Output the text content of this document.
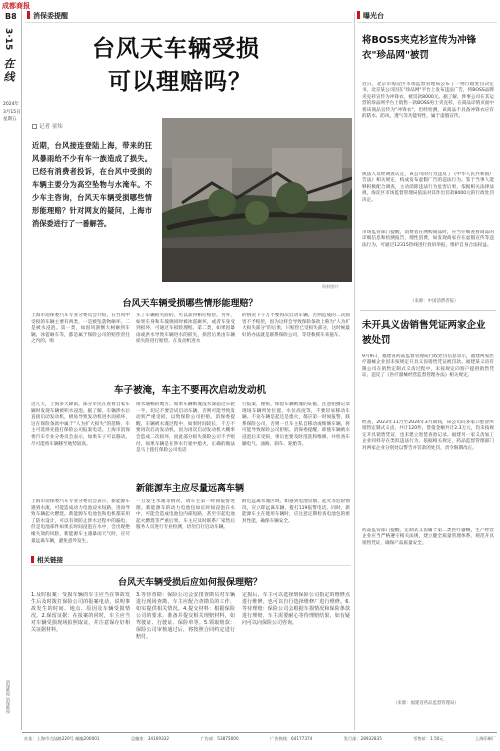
成都商报
B8
3·15
在线
2024年
3月15日
星期五
消保维权 消保维权
消保委提醒	曝光台
台风天车辆受损
可以理赔吗？
记者 童炜
近期，台风接连登陆上海，带来的狂风暴雨给不少有车一族造成了损失。已经有消费者投诉，在台风中受损的车辆主要分为高空坠物与水淹车。不少车主咨询，台风天车辆受损哪些情形能理赔？针对网友的疑问，上海市消保委进行了一番解答。
资料图片
台风天车辆受损哪些情形能理赔？
上海市消保委汽车专业分委员会介绍，在台风中受损的车辆主要有两类，一是被坠落物砸坏，二是被水浸泡。第一类，如因风刮倒大树砸到车辆、冰雹砸车等，都是属于保险公司的赔偿责任之内的。购
买了车辆损失险的，可以获得相应赔偿。另外，如果车身和车玻璃同时被冰雹砸坏，或者车身受到损坏，可通过车损险理赔。第二类，如果因暴雨或洪水导致车辆进水的损失，损害后果由车辆损失险进行赔偿。在发动机进水
的情况下千万不要再次启动车辆。否则造成的二次损害不予赔偿，因为这样会导致保险条款上称为"人为扩大损失部分"的后果，只赔偿已受损失部分，这时候最好的办法就是联系保险公司，等待救援车来拖车。
车子被淹，车主不要再次启动发动机
这几天，上海多天降雨，部分市民在查看自家车辆时发现车辆被积水浸泡。据了解，车辆涉水后直接启动发动机，极易导致发动机进水而损坏，这在保险条款中属于"人为扩大损失"的范畴，车主可选择先拨打保险公司报案电话。上海市消保委汽车专业分委员会表示，如果车子可以移动，尽可能将车辆移至地势较高、
排水通畅的地方。如果车辆被淹没水深超过车轮一半，切记不要尝试启动车辆，否则可能导致发动机严重受损，以致保险公司拒赔。消保委提醒，车辆被水淹过程中，如果时间较长，千万不要再次启动发动机，因为再次启动发动机大概率会造成二次损坏，而此部分损失保险公司不予赔付，如果车辆是在涉水行驶中熄火，正确的做法是马上拨打保险公司电话
行报案，理赔，保留车辆被淹的证据，注意拍摄记录现场车辆所处位置、水位高度等，不要轻易移动车辆。不论车辆是起还是熄火，都应第一时间报警、联系保险公司，否则一旦车主私自移动或维修车辆，将可能导致保险公司拒赔。消保委提醒，即使车辆被水浸泡后未受损，事后也要及时清洗和维修，并检查车辆电气、油路、刹车、轮胎等。
新能源车主应尽量远离车辆
上海市消保委汽车专业分委员会表示，新能源车遇到水淹，可能造成动力电池浸水短路，进而导致车辆起火燃烧。新能源车电池包和电机都采用了防水设计，可以有效防止涉水过程中的漏电，但是电池部件如果长时间浸泡在水中，会出现绝缘失效的风险，新能源车主遇暴雨天气时，应尽量远离车辆，避免意外发生。
一旦发生水淹等情况，请车主第一时间报警处理。新能源车的动力电池包如长时间浸泡在水中，可能会造成电池包内部短路，甚至引起电池起火燃烧等严重后果。车主应及时联系厂家售后服务人员进行专业检测，切勿自行启动车辆。
附近远离水淹区域，如遇到电池冒烟、起火等危险情况，应立即远离车辆，拨打119报警电话。同时，新能源车主在使用车辆时，应注意定期检查电池包的密封性能，确保车辆安全。
相关链接
台风天车辆受损后应如何报保理赔？
1.及时报案：受损车辆的车主应当在事故发生后及时拨打保险公司的报案电话，说明事故发生的时间、地点、原因及车辆受损情况。2.保留证据：在报案的同时，车主应当对车辆受损现场拍照取证，并注意保存好相关证据材料。
3.等待查勘：保险公司会安排查勘员对车辆进行现场查勘，车主应配合查勘员的工作，如实提供相关情况。4.提交材料：根据保险公司的要求，准备并提交相关理赔材料，如驾驶证、行驶证、保险单等。5.领取赔款：保险公司审核通过后，将按照合同约定进行赔付。
定损后，车主可以选择到保险公司指定的维修点进行维修，也可以自行选择维修厂进行维修。6.等待理赔：保险公司会根据车损情况和保险条款进行理赔，车主需要耐心等待理赔结果，如有疑问可以向保险公司咨询。
将BOSS夹克衫宣传为冲锋衣"珍品网"被罚
近日，北京市海淀区市场监督管理局公布了一则行政处罚决定书，北京某公司因在"珍品网"平台上发布违法广告，将BOSS品牌夹克衫宣传为冲锋衣，被罚款8000元。据了解，涉事公司在其运营的珍品网平台上销售一款BOSS男士夹克衫，在商品详情页面中将该商品宣传为"冲锋衣"，但经检测，该商品不具备冲锋衣应有的防水、防风、透气等功能特性，属于虚假宣传。
执法人员经调查认定，该公司的行为违反了《中华人民共和国广告法》相关规定，构成发布虚假广告的违法行为。鉴于当事人能够积极配合调查，主动消除违法行为危害后果，依据相关法律法规，海淀区市场监督管理局依法对其作出罚款8000元的行政处罚决定。
市场监管部门提醒，消费者在网购商品时，应当仔细查看商品的详细信息和检测报告，理性消费，如发现商家存在虚假宣传等违法行为，可通过12315热线进行投诉举报，维护自身合法权益。
（来源：中国消费者报）
未开具义齿销售凭证两家企业被处罚
9月9日，福建省药品监督管理局行政处罚信息显示，福建两家医疗器械企业因未按规定开具义齿销售凭证被罚款。福建某义齿有限公司在销售定制式义齿过程中，未按规定向客户提供销售凭证，违反了《医疗器械经营监督管理办法》相关规定。
经查，2023年11月至2024年3月期间，该公司向多家口腔诊所销售定制式义齿，共计120件，货值金额共计2.3万元，均未按规定开具销售凭证，也未建立进货查验记录。福建另一家义齿加工企业同样存在类似违法行为。依据相关规定，药品监督管理部门对两家企业分别处以警告并罚款的处罚，责令限期改正。
药品监管部门提醒，定制式义齿属于第二类医疗器械，生产经营企业应当严格遵守相关法规，建立健全质量管理体系，规范开具销售凭证，确保产品质量安全。
（来源：福建省药品监督管理局）
社址：上海市大陆路220号 邮编200001	总编室：34109332	广告部：53875000	广告热线：64177374	发行部：28932835	零售价：1.50元	上海印刷厂
